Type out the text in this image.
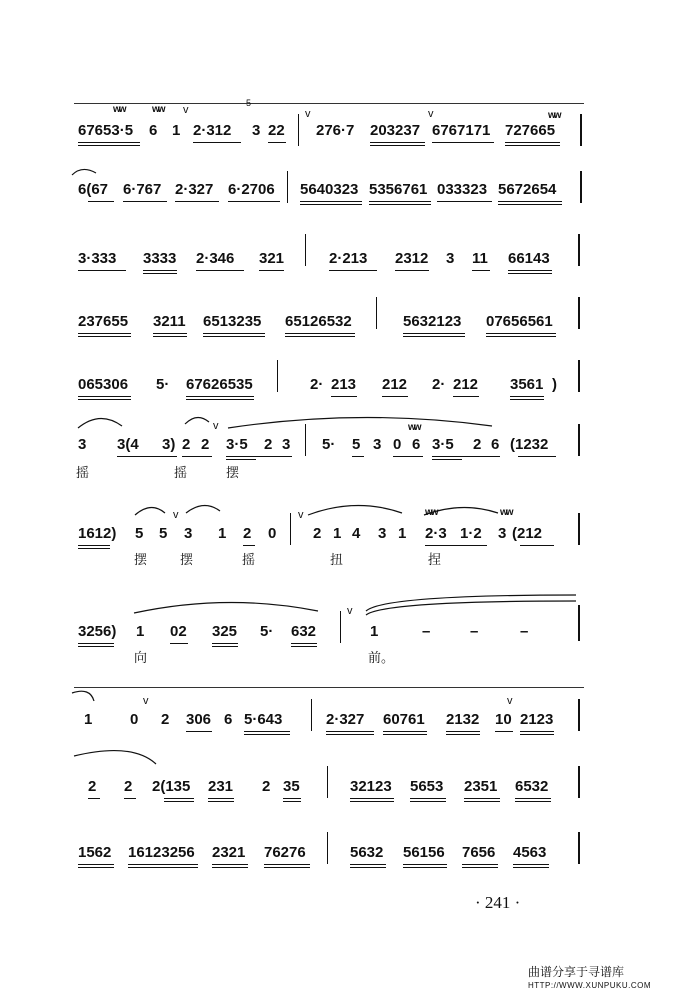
ww	ww v
5
67653·5 6 1 2·312 3 22
v	v	ww
276·7 203237 6767171 727665
6(67 6·767 2·327 6·2706 5640323 5356761 033323 5672654
3·333 3333 2·346 321	2·213 2312 3 11 66143
237655 3211 6513235 65126532	5632123 07656561
065306 5· 67626535	2· 213 212 2· 212 3561 )
v	ww
3 3(4 3) 2 2 3·5 2 3 5· 5 3 0 6 3·5 2 6 (1232
摇	摇	摆
v	v	ww	ww
1612) 5 5 3 1 2 0 2 1 4 3 1 2·3 1·2 3 (212
摆	摆	摇	扭	捏
v
3256) 1 02 325 5· 632	1	–	–	–
向	前。
v	v
1	0 2 306 6 5·643	2·327 60761 2132 10 2123
2 2 2(135 231 2 35	32123 5653 2351 6532
1562 16123256 2321 76276	5632 56156 7656 4563
· 241 ·
曲谱分享于寻谱库
HTTP://WWW.XUNPUKU.COM
